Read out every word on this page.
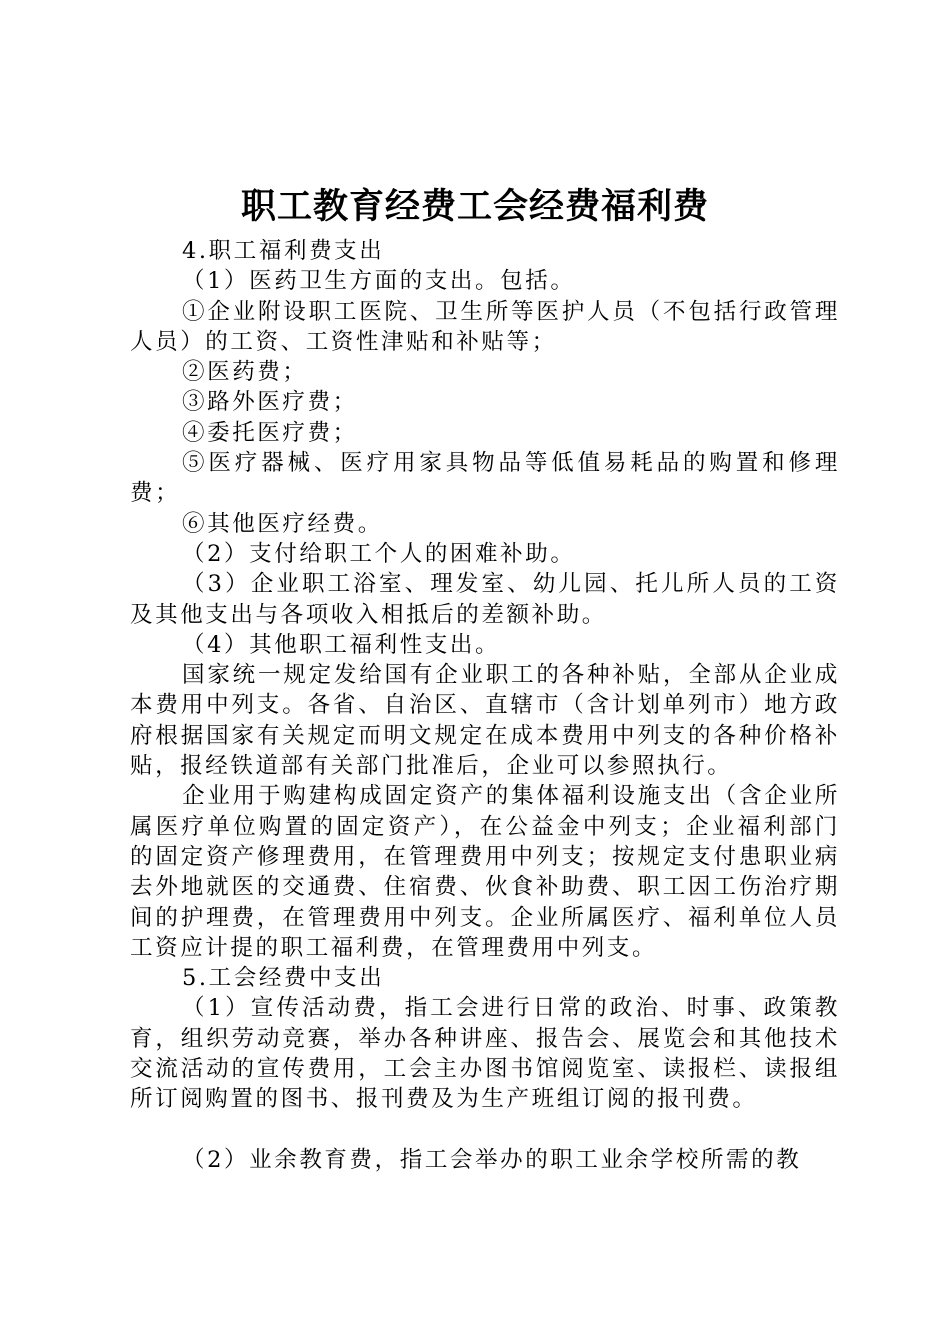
职工教育经费工会经费福利费

4.职工福利费支出

（1）医药卫生方面的支出。包括。

①企业附设职工医院、卫生所等医护人员（不包括行政管理人员）的工资、工资性津贴和补贴等；

②医药费；

③路外医疗费；

④委托医疗费；

⑤医疗器械、医疗用家具物品等低值易耗品的购置和修理费；

⑥其他医疗经费。

（2）支付给职工个人的困难补助。

（3）企业职工浴室、理发室、幼儿园、托儿所人员的工资及其他支出与各项收入相抵后的差额补助。

（4）其他职工福利性支出。

国家统一规定发给国有企业职工的各种补贴，全部从企业成本费用中列支。各省、自治区、直辖市（含计划单列市）地方政府根据国家有关规定而明文规定在成本费用中列支的各种价格补贴，报经铁道部有关部门批准后，企业可以参照执行。

企业用于购建构成固定资产的集体福利设施支出（含企业所属医疗单位购置的固定资产），在公益金中列支；企业福利部门的固定资产修理费用，在管理费用中列支；按规定支付患职业病去外地就医的交通费、住宿费、伙食补助费、职工因工伤治疗期间的护理费，在管理费用中列支。企业所属医疗、福利单位人员工资应计提的职工福利费，在管理费用中列支。

5.工会经费中支出

（1）宣传活动费，指工会进行日常的政治、时事、政策教育，组织劳动竞赛，举办各种讲座、报告会、展览会和其他技术交流活动的宣传费用，工会主办图书馆阅览室、读报栏、读报组所订阅购置的图书、报刊费及为生产班组订阅的报刊费。

（2）业余教育费，指工会举办的职工业余学校所需的教
